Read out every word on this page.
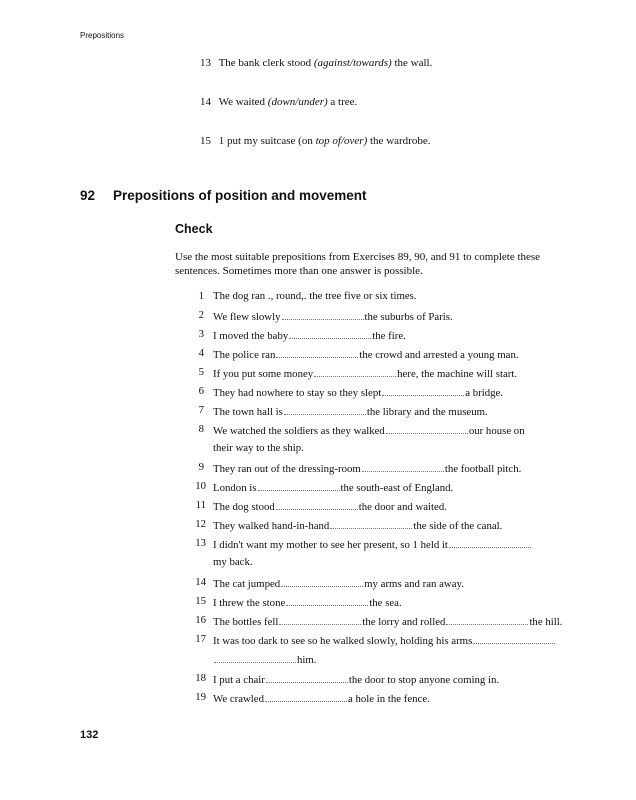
Prepositions
13 The bank clerk stood (against/towards) the wall.
14 We waited (down/under) a tree.
15 1 put my suitcase (on top of/over) the wardrobe.
92 Prepositions of position and movement
Check
Use the most suitable prepositions from Exercises 89, 90, and 91 to complete these sentences. Sometimes more than one answer is possible.
1 The dog ran ., round,. the tree five or six times.
2 We flew slowly	the suburbs of Paris.
3 I moved the baby	the fire.
4 The police ran	the crowd and arrested a young man.
5 If you put some money	here, the machine will start.
6 They had nowhere to stay so they slept	a bridge.
7 The town hall is	the library and the museum.
8 We watched the soldiers as they walked	our house on
their way to the ship.
9 They ran out of the dressing-room	the football pitch.
10 London is	the south-east of England.
11 The dog stood	the door and waited.
12 They walked hand-in-hand	the side of the canal.
13 I didn't want my mother to see her present, so 1 held it
my back.
14 The cat jumped	my arms and ran away.
15 I threw the stone	the sea.
16 The bottles fell	the lorry and rolled	the hill.
17 It was too dark to see so he walked slowly, holding his arms
him.
18 I put a chair	the door to stop anyone coming in.
19 We crawled	a hole in the fence.
132
